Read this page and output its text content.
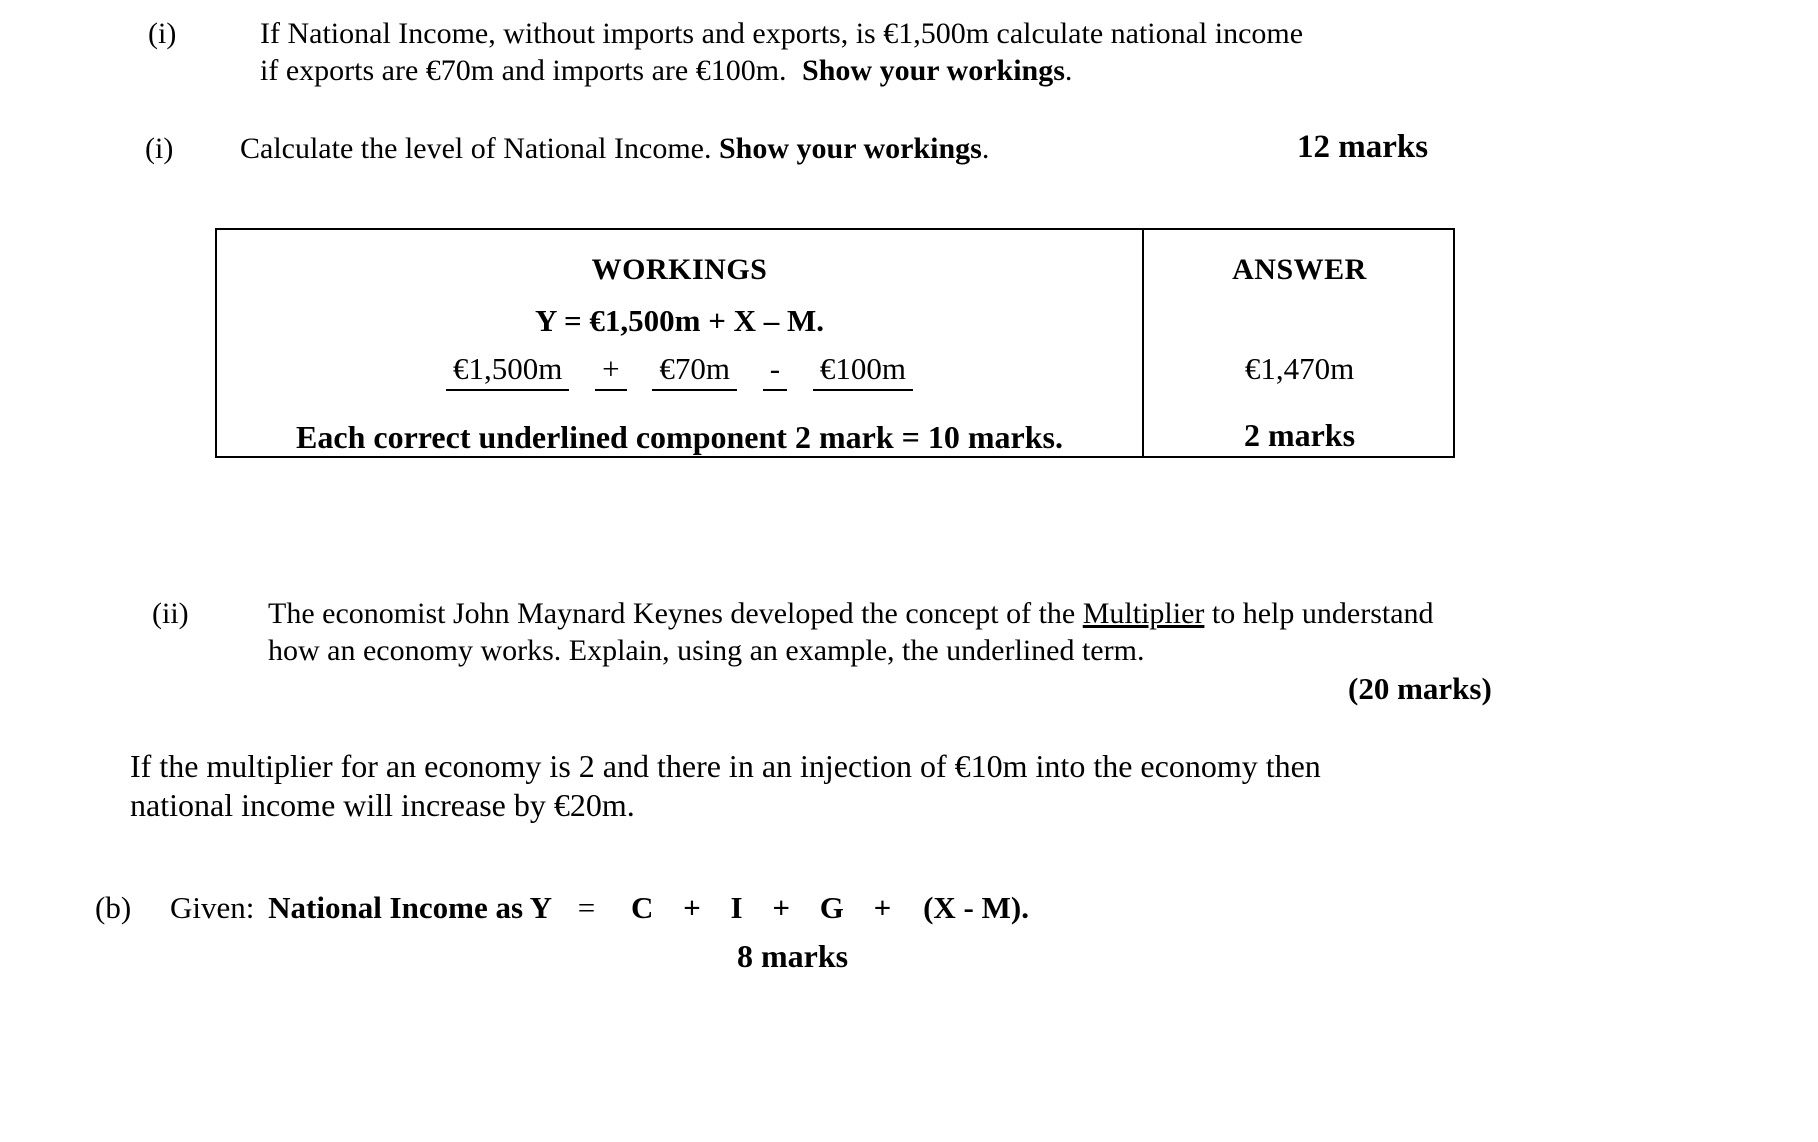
(i)	If National Income, without imports and exports, is €1,500m calculate national income
if exports are €70m and imports are €100m. Show your workings.
(i) Calculate the level of National Income. Show your workings.	12 marks
WORKINGS	ANSWER
Y = €1,500m + X – M.
€1,500m + €70m - €100m	€1,470m
Each correct underlined component 2 mark = 10 marks.	2 marks
(ii)	The economist John Maynard Keynes developed the concept of the Multiplier to help understand
how an economy works. Explain, using an example, the underlined term.
(20 marks)
If the multiplier for an economy is 2 and there in an injection of €10m into the economy then
national income will increase by €20m.
(b) Given: National Income as Y = C + I + G + (X - M).
8 marks
